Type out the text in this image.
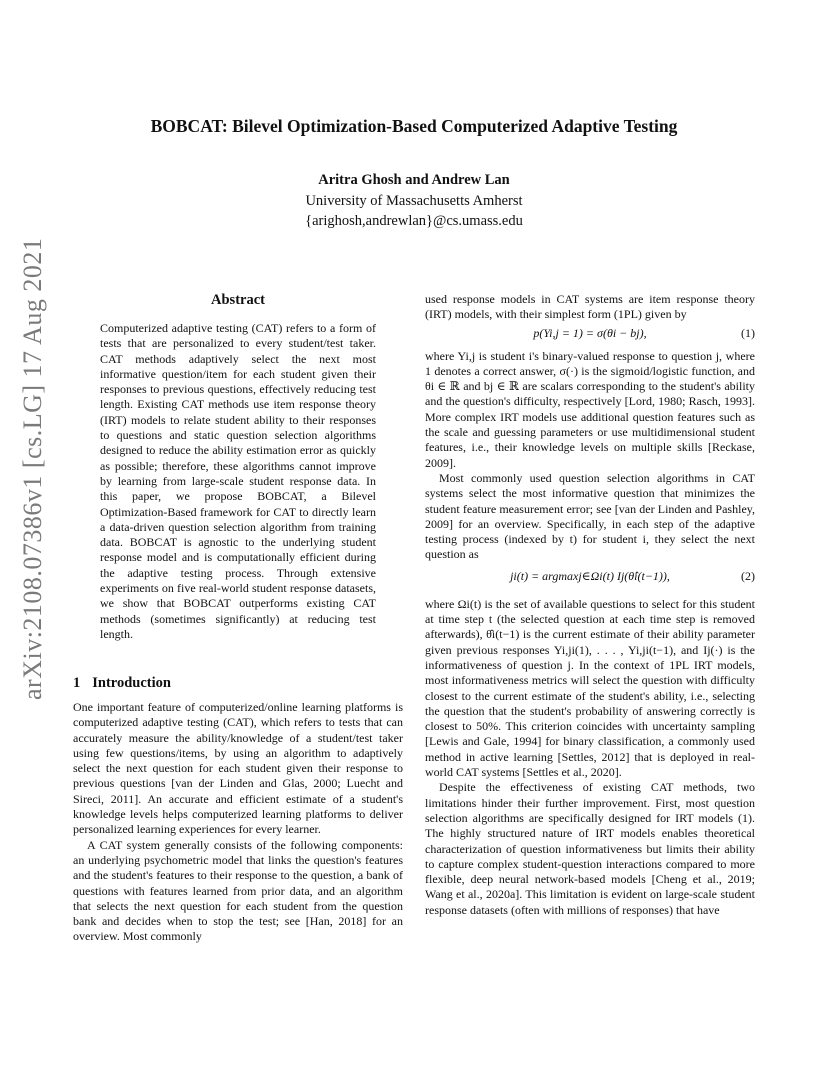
arXiv:2108.07386v1 [cs.LG] 17 Aug 2021
BOBCAT: Bilevel Optimization-Based Computerized Adaptive Testing
Aritra Ghosh and Andrew Lan
University of Massachusetts Amherst
{arighosh,andrewlan}@cs.umass.edu
Abstract

Computerized adaptive testing (CAT) refers to a form of tests that are personalized to every student/test taker. CAT methods adaptively select the next most informative question/item for each student given their responses to previous questions, effectively reducing test length. Existing CAT methods use item response theory (IRT) models to relate student ability to their responses to questions and static question selection algorithms designed to reduce the ability estimation error as quickly as possible; therefore, these algorithms cannot improve by learning from large-scale student response data. In this paper, we propose BOBCAT, a Bilevel Optimization-Based framework for CAT to directly learn a data-driven question selection algorithm from training data. BOBCAT is agnostic to the underlying student response model and is computationally efficient during the adaptive testing process. Through extensive experiments on five real-world student response datasets, we show that BOBCAT outperforms existing CAT methods (sometimes significantly) at reducing test length.

1 Introduction

One important feature of computerized/online learning platforms is computerized adaptive testing (CAT), which refers to tests that can accurately measure the ability/knowledge of a student/test taker using few questions/items, by using an algorithm to adaptively select the next question for each student given their response to previous questions [van der Linden and Glas, 2000; Luecht and Sireci, 2011]. An accurate and efficient estimate of a student's knowledge levels helps computerized learning platforms to deliver personalized learning experiences for every learner.

A CAT system generally consists of the following components: an underlying psychometric model that links the question's features and the student's features to their response to the question, a bank of questions with features learned from prior data, and an algorithm that selects the next question for each student from the question bank and decides when to stop the test; see [Han, 2018] for an overview. Most commonly

used response models in CAT systems are item response theory (IRT) models, with their simplest form (1PL) given by

p(Yi,j = 1) = σ(θi − bj),	(1)

where Yi,j is student i's binary-valued response to question j, where 1 denotes a correct answer, σ(·) is the sigmoid/logistic function, and θi ∈ ℝ and bj ∈ ℝ are scalars corresponding to the student's ability and the question's difficulty, respectively [Lord, 1980; Rasch, 1993]. More complex IRT models use additional question features such as the scale and guessing parameters or use multidimensional student features, i.e., their knowledge levels on multiple skills [Reckase, 2009].

Most commonly used question selection algorithms in CAT systems select the most informative question that minimizes the student feature measurement error; see [van der Linden and Pashley, 2009] for an overview. Specifically, in each step of the adaptive testing process (indexed by t) for student i, they select the next question as

ji(t) = argmaxj∈Ωi(t) Ij(θ̂i(t−1)),	(2)

where Ωi(t) is the set of available questions to select for this student at time step t (the selected question at each time step is removed afterwards), θ̂i(t−1) is the current estimate of their ability parameter given previous responses Yi,ji(1), . . . , Yi,ji(t−1), and Ij(·) is the informativeness of question j. In the context of 1PL IRT models, most informativeness metrics will select the question with difficulty closest to the current estimate of the student's ability, i.e., selecting the question that the student's probability of answering correctly is closest to 50%. This criterion coincides with uncertainty sampling [Lewis and Gale, 1994] for binary classification, a commonly used method in active learning [Settles, 2012] that is deployed in real-world CAT systems [Settles et al., 2020].

Despite the effectiveness of existing CAT methods, two limitations hinder their further improvement. First, most question selection algorithms are specifically designed for IRT models (1). The highly structured nature of IRT models enables theoretical characterization of question informativeness but limits their ability to capture complex student-question interactions compared to more flexible, deep neural network-based models [Cheng et al., 2019; Wang et al., 2020a]. This limitation is evident on large-scale student response datasets (often with millions of responses) that have
